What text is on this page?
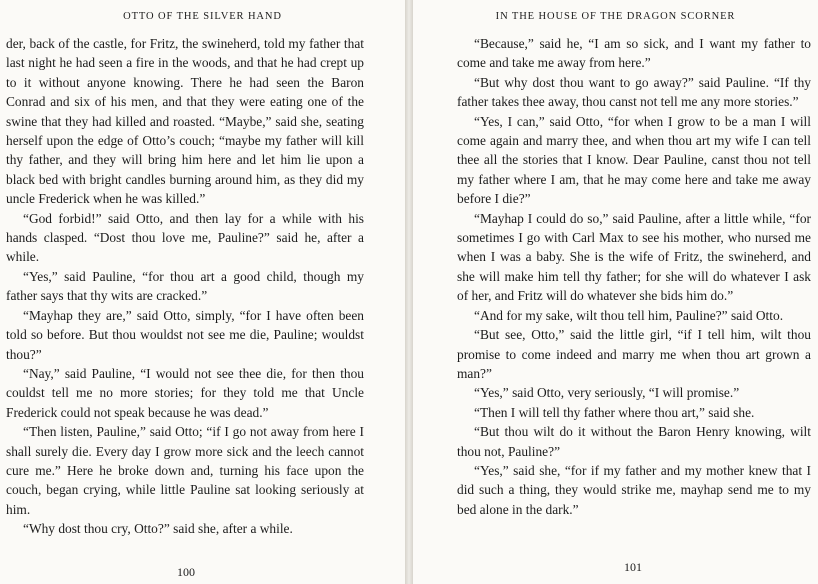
OTTO OF THE SILVER HAND

der, back of the castle, for Fritz, the swineherd, told my father that last night he had seen a fire in the woods, and that he had crept up to it without anyone knowing. There he had seen the Baron Conrad and six of his men, and that they were eating one of the swine that they had killed and roasted. “Maybe,” said she, seating herself upon the edge of Otto’s couch; “maybe my father will kill thy father, and they will bring him here and let him lie upon a black bed with bright candles burning around him, as they did my uncle Frederick when he was killed.”

“God forbid!” said Otto, and then lay for a while with his hands clasped. “Dost thou love me, Pauline?” said he, after a while.

“Yes,” said Pauline, “for thou art a good child, though my father says that thy wits are cracked.”

“Mayhap they are,” said Otto, simply, “for I have often been told so before. But thou wouldst not see me die, Pauline; wouldst thou?”

“Nay,” said Pauline, “I would not see thee die, for then thou couldst tell me no more stories; for they told me that Uncle Frederick could not speak because he was dead.”

“Then listen, Pauline,” said Otto; “if I go not away from here I shall surely die. Every day I grow more sick and the leech cannot cure me.” Here he broke down and, turning his face upon the couch, began crying, while little Pauline sat looking seriously at him.

“Why dost thou cry, Otto?” said she, after a while.

100
IN THE HOUSE OF THE DRAGON SCORNER

“Because,” said he, “I am so sick, and I want my father to come and take me away from here.”

“But why dost thou want to go away?” said Pauline. “If thy father takes thee away, thou canst not tell me any more stories.”

“Yes, I can,” said Otto, “for when I grow to be a man I will come again and marry thee, and when thou art my wife I can tell thee all the stories that I know. Dear Pauline, canst thou not tell my father where I am, that he may come here and take me away before I die?”

“Mayhap I could do so,” said Pauline, after a little while, “for sometimes I go with Carl Max to see his mother, who nursed me when I was a baby. She is the wife of Fritz, the swineherd, and she will make him tell thy father; for she will do whatever I ask of her, and Fritz will do whatever she bids him do.”

“And for my sake, wilt thou tell him, Pauline?” said Otto.

“But see, Otto,” said the little girl, “if I tell him, wilt thou promise to come indeed and marry me when thou art grown a man?”

“Yes,” said Otto, very seriously, “I will promise.”

“Then I will tell thy father where thou art,” said she.

“But thou wilt do it without the Baron Henry knowing, wilt thou not, Pauline?”

“Yes,” said she, “for if my father and my mother knew that I did such a thing, they would strike me, mayhap send me to my bed alone in the dark.”

101
